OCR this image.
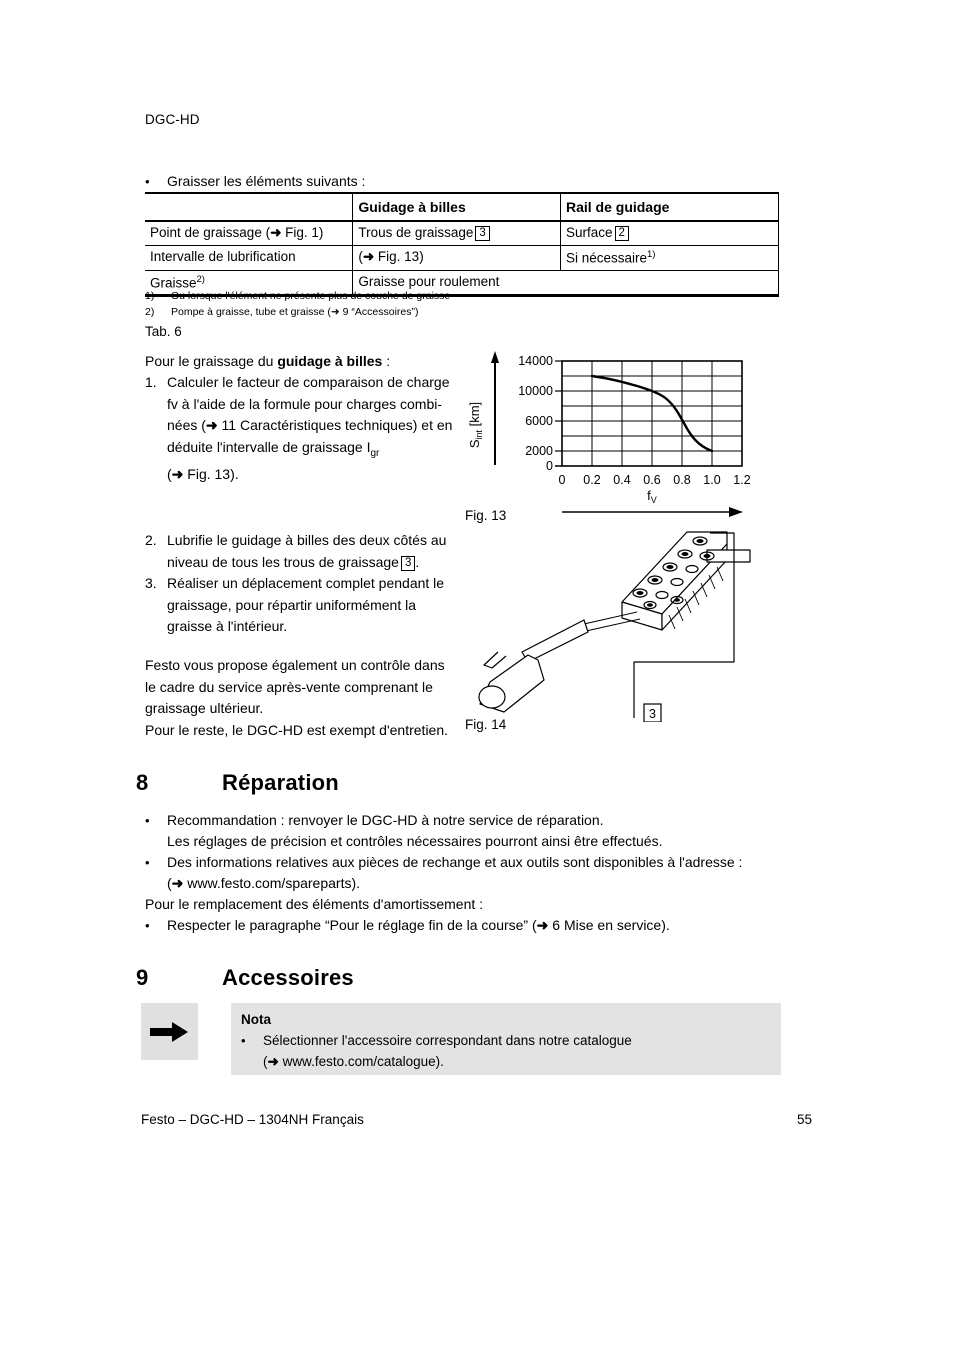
DGC-HD
•	Graisser les éléments suivants :
	Guidage à billes	Rail de guidage
Point de graissage (➜ Fig. 1)	Trous de graissage 3	Surface 2
Intervalle de lubrification	(➜ Fig. 13)	Si nécessaire$^{1)}$
Graisse$^{2)}$	Graisse pour roulement	
1)	Ou lorsque l'élément ne présente plus de couche de graisse
2)	Pompe à graisse, tube et graisse (➜ 9 “Accessoires”)
Tab. 6
Pour le graissage du guidage à billes :
1. Calculer le facteur de comparaison de charge
fv à l'aide de la formule pour charges combi-
nées (➜ 11 Caractéristiques techniques) et en
déduite l'intervalle de graissage $I_{gr}$
(➜ Fig. 13).
2. Lubrifie le guidage à billes des deux côtés au
niveau de tous les trous de graissage 3 .
3. Réaliser un déplacement complet pendant le
graissage, pour répartir uniformément la
graisse à l'intérieur.
Festo vous propose également un contrôle dans
le cadre du service après-vente comprenant le
graissage ultérieur.
Pour le reste, le DGC-HD est exempt d'entretien.
$S_{int}$ [km]
14000
10000
6000
2000
0
0 0.2 0.4 0.6 0.8 1.0 1.2
$f_V$
Fig. 13
3
Fig. 14
8	Réparation
•	Recommandation : renvoyer le DGC-HD à notre service de réparation.
Les réglages de précision et contrôles nécessaires pourront ainsi être effectués.
•	Des informations relatives aux pièces de rechange et aux outils sont disponibles à l'adresse :
(➜ www.festo.com/spareparts).
Pour le remplacement des éléments d'amortissement :
•	Respecter le paragraphe “Pour le réglage fin de la course” (➜ 6 Mise en service).
9	Accessoires
Nota
•	Sélectionner l'accessoire correspondant dans notre catalogue
(➜ www.festo.com/catalogue).
Festo – DGC-HD – 1304NH Français	55
